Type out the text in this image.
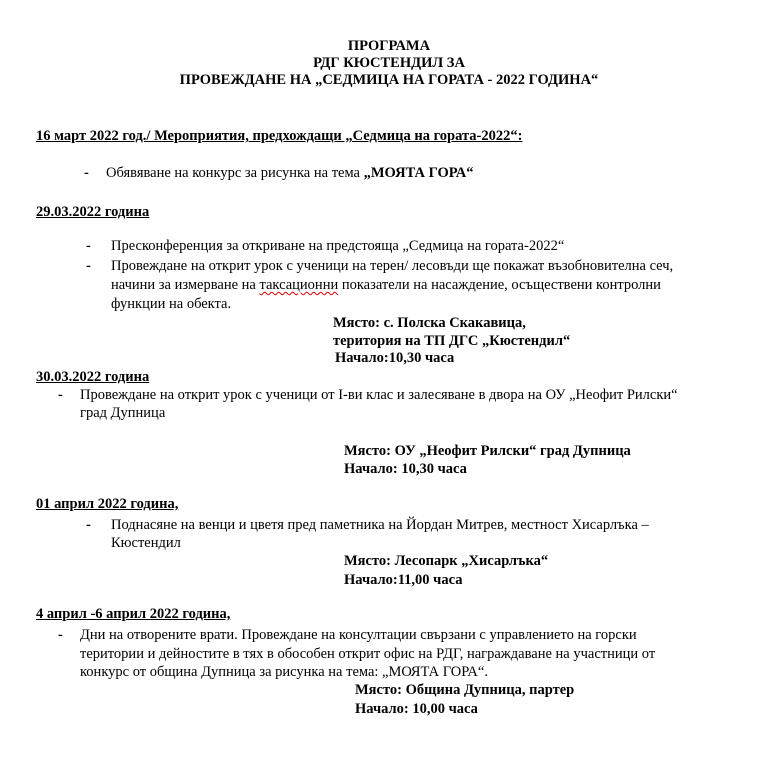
ПРОГРАМА
РДГ КЮСТЕНДИЛ ЗА
ПРОВЕЖДАНЕ НА „СЕДМИЦА НА ГОРАТА - 2022 ГОДИНА“
16 март 2022 год./ Мероприятия, предхождащи „Седмица на гората-2022“:
- Обявяване на конкурс за рисунка на тема „МОЯТА ГОРА“
29.03.2022 година
- Пресконференция за откриване на предстояща „Седмица на гората-2022“
- Провеждане на открит урок с ученици на терен/ лесовъди ще покажат възобновителна сеч,
начини за измерване на таксационни показатели на насаждение, осъществени контролни
функции на обекта.
Място: с. Полска Скакавица,
територия на ТП ДГС „Кюстендил“
Начало:10,30 часа
30.03.2022 година
- Провеждане на открит урок с ученици от І-ви клас и залесяване в двора на ОУ „Неофит Рилски“
град Дупница
Място: ОУ „Неофит Рилски“ град Дупница
Начало: 10,30 часа
01 април 2022 година,
- Поднасяне на венци и цветя пред паметника на Йордан Митрев, местност Хисарлъка –
Кюстендил
Място: Лесопарк „Хисарлъка“
Начало:11,00 часа
4 април -6 април 2022 година,
- Дни на отворените врати. Провеждане на консултации свързани с управлението на горски
територии и дейностите в тях в обособен открит офис на РДГ, награждаване на участници от
конкурс от община Дупница за рисунка на тема: „МОЯТА ГОРА“.
Място: Община Дупница, партер
Начало: 10,00 часа
